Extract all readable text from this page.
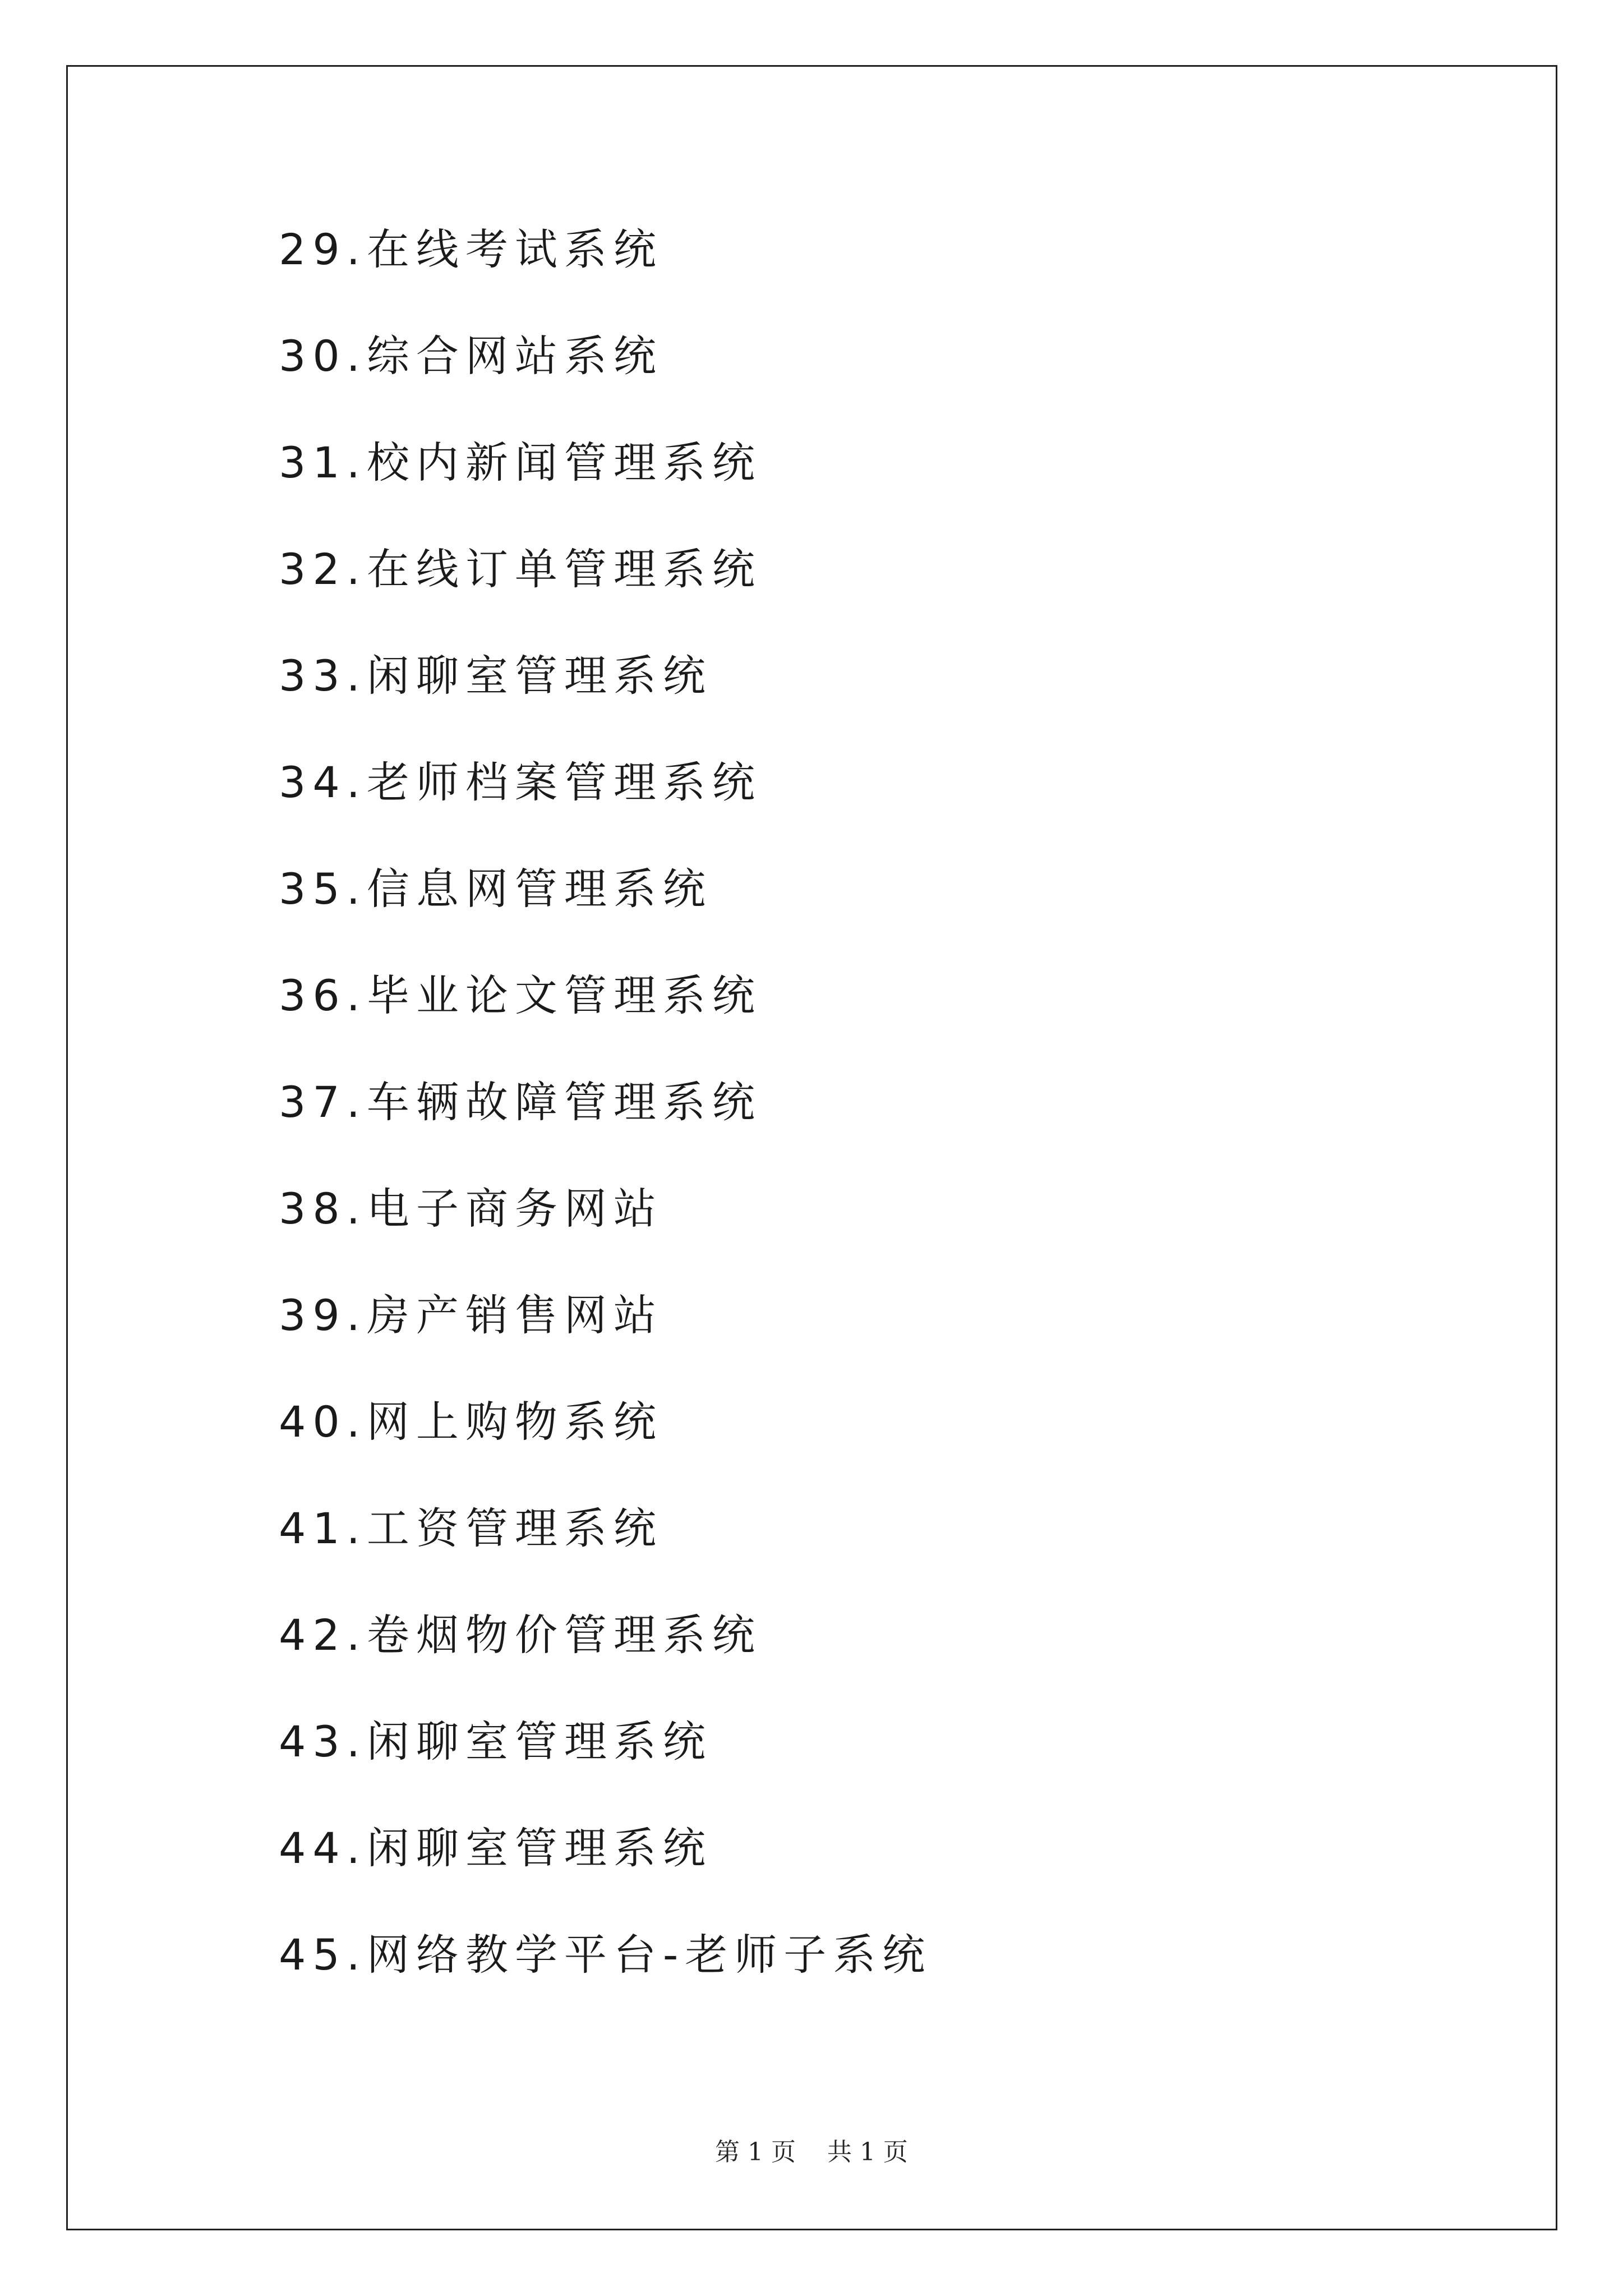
29.在线考试系统
30.综合网站系统
31.校内新闻管理系统
32.在线订单管理系统
33.闲聊室管理系统
34.老师档案管理系统
35.信息网管理系统
36.毕业论文管理系统
37.车辆故障管理系统
38.电子商务网站
39.房产销售网站
40.网上购物系统
41.工资管理系统
42.卷烟物价管理系统
43.闲聊室管理系统
44.闲聊室管理系统
45.网络教学平台-老师子系统
第 1 页 共 1 页
